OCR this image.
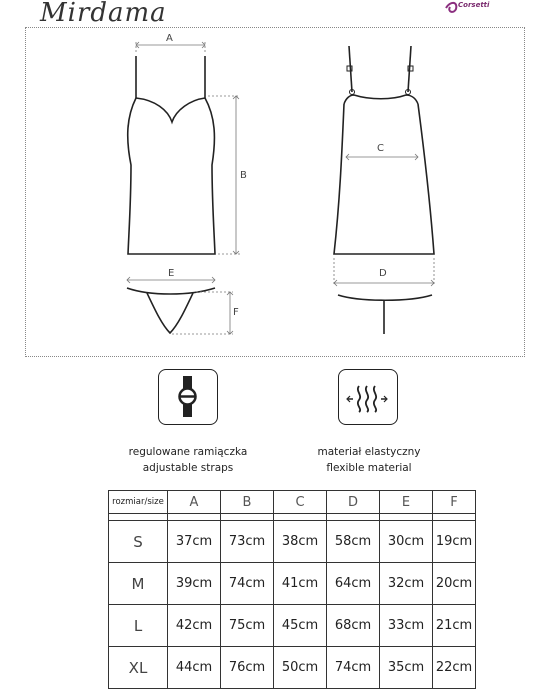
Mirdama	Corsetti
A
B
C
D
E
F
regulowane ramiączka
adjustable straps
materiał elastyczny
flexible material
rozmiar/size	A	B	C	D	E	F

S	37cm	73cm	38cm	58cm	30cm	19cm
M	39cm	74cm	41cm	64cm	32cm	20cm
L	42cm	75cm	45cm	68cm	33cm	21cm
XL	44cm	76cm	50cm	74cm	35cm	22cm
